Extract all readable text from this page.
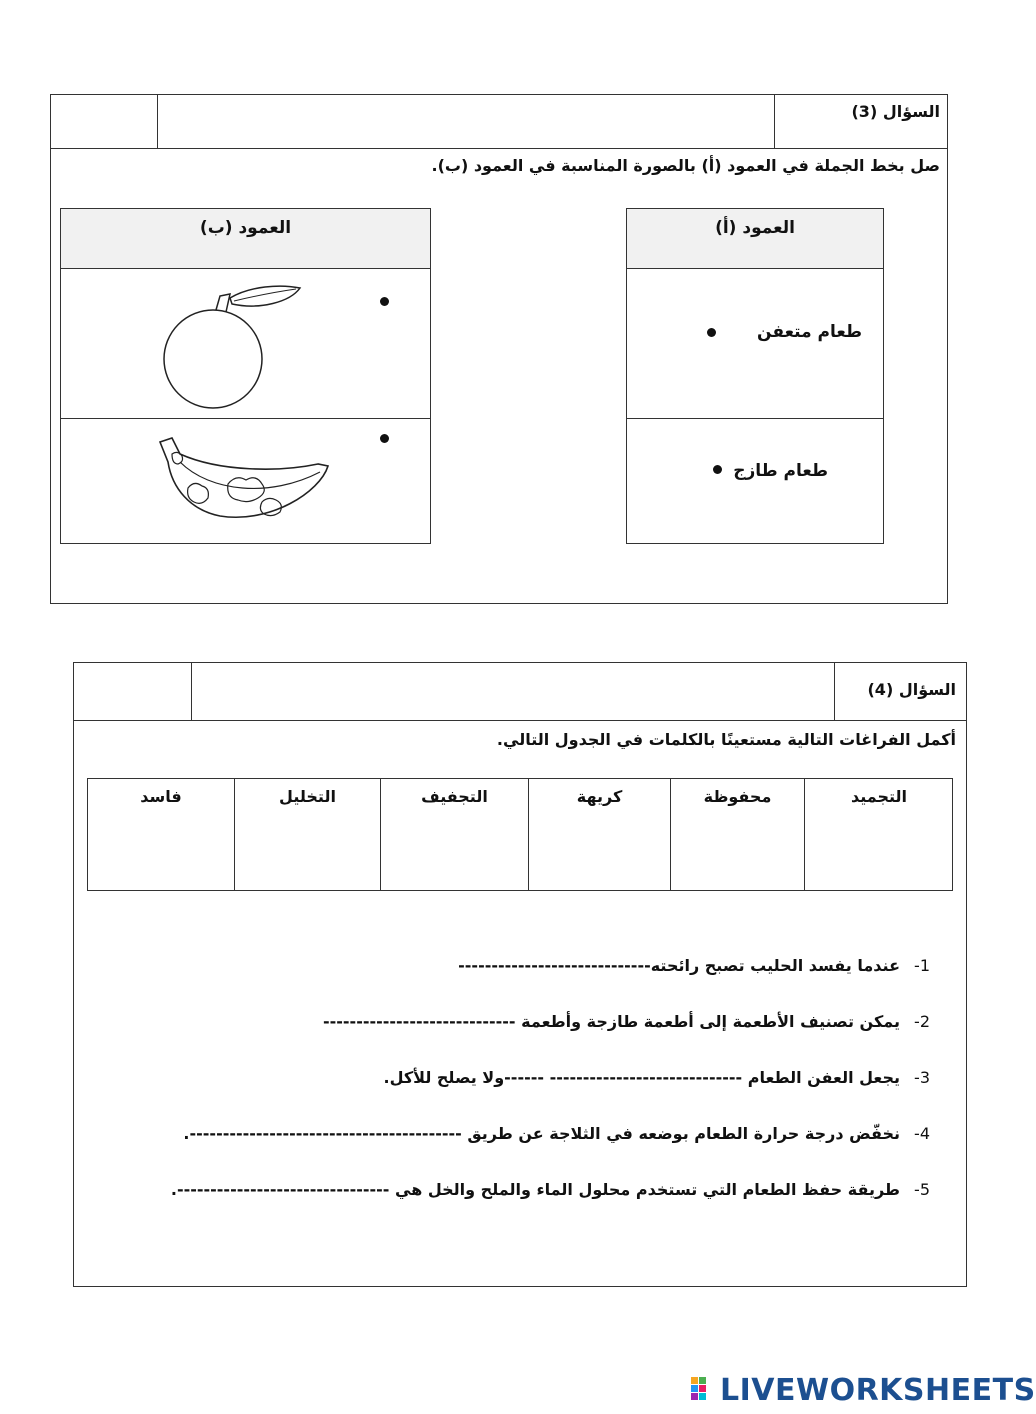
السؤال (3)
صل بخط الجملة في العمود (أ) بالصورة المناسبة في العمود (ب).
العمود (أ)
طعام متعفن
طعام طازج
العمود (ب)
السؤال (4)
أكمل الفراغات التالية مستعينًا بالكلمات في الجدول التالي.
التجميد
محفوظة
كريهة
التجفيف
التخليل
فاسد
1-عندما يفسد الحليب تصبح رائحته-----------------------------
2-يمكن تصنيف الأطعمة إلى أطعمة طازجة وأطعمة -----------------------------
3-يجعل العفن الطعام ----------------------------- ------ولا يصلح للأكل.
4-نخفّض درجة حرارة الطعام بوضعه في الثلاجة عن طريق -----------------------------------------.
5-طريقة حفظ الطعام التي تستخدم محلول الماء والملح والخل هي --------------------------------.
LIVEWORKSHEETS
